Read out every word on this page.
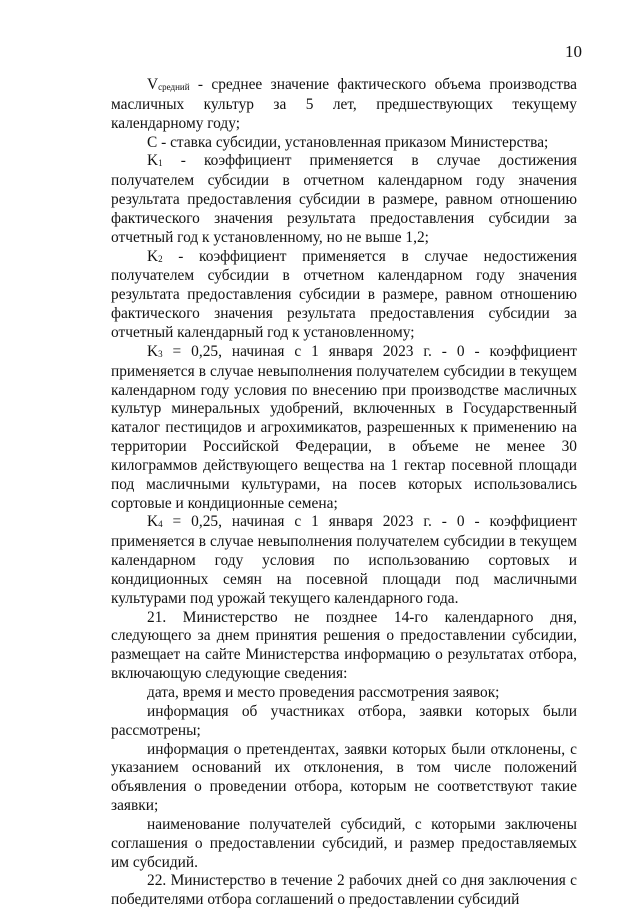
10

Vсредний - среднее значение фактического объема производства масличных культур за 5 лет, предшествующих текущему календарному году;

С - ставка субсидии, установленная приказом Министерства;

K1 - коэффициент применяется в случае достижения получателем субсидии в отчетном календарном году значения результата предоставления субсидии в размере, равном отношению фактического значения результата предоставления субсидии за отчетный год к установленному, но не выше 1,2;

K2 - коэффициент применяется в случае недостижения получателем субсидии в отчетном календарном году значения результата предоставления субсидии в размере, равном отношению фактического значения результата предоставления субсидии за отчетный календарный год к установленному;

K3 = 0,25, начиная с 1 января 2023 г. - 0 - коэффициент применяется в случае невыполнения получателем субсидии в текущем календарном году условия по внесению при производстве масличных культур минеральных удобрений, включенных в Государственный каталог пестицидов и агрохимикатов, разрешенных к применению на территории Российской Федерации, в объеме не менее 30 килограммов действующего вещества на 1 гектар посевной площади под масличными культурами, на посев которых использовались сортовые и кондиционные семена;

K4 = 0,25, начиная с 1 января 2023 г. - 0 - коэффициент применяется в случае невыполнения получателем субсидии в текущем календарном году условия по использованию сортовых и кондиционных семян на посевной площади под масличными культурами под урожай текущего календарного года.

21. Министерство не позднее 14-го календарного дня, следующего за днем принятия решения о предоставлении субсидии, размещает на сайте Министерства информацию о результатах отбора, включающую следующие сведения:

дата, время и место проведения рассмотрения заявок;

информация об участниках отбора, заявки которых были рассмотрены;

информация о претендентах, заявки которых были отклонены, с указанием оснований их отклонения, в том числе положений объявления о проведении отбора, которым не соответствуют такие заявки;

наименование получателей субсидий, с которыми заключены соглашения о предоставлении субсидий, и размер предоставляемых им субсидий.

22. Министерство в течение 2 рабочих дней со дня заключения с победителями отбора соглашений о предоставлении субсидий
